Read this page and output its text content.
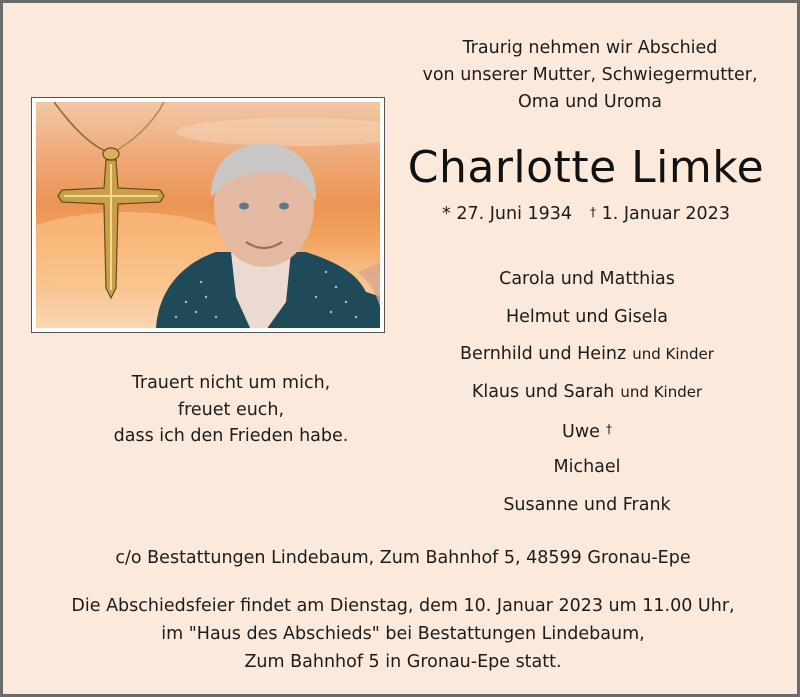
Traurig nehmen wir Abschied
von unserer Mutter, Schwiegermutter,
Oma und Uroma
Charlotte Limke
* 27. Juni 1934 † 1. Januar 2023
Trauert nicht um mich,
freuet euch,
dass ich den Frieden habe.
Carola und Matthias
Helmut und Gisela
Bernhild und Heinz und Kinder
Klaus und Sarah und Kinder
Uwe †
Michael
Susanne und Frank
c/o Bestattungen Lindebaum, Zum Bahnhof 5, 48599 Gronau-Epe
Die Abschiedsfeier findet am Dienstag, dem 10. Januar 2023 um 11.00 Uhr,
im "Haus des Abschieds" bei Bestattungen Lindebaum,
Zum Bahnhof 5 in Gronau-Epe statt.
